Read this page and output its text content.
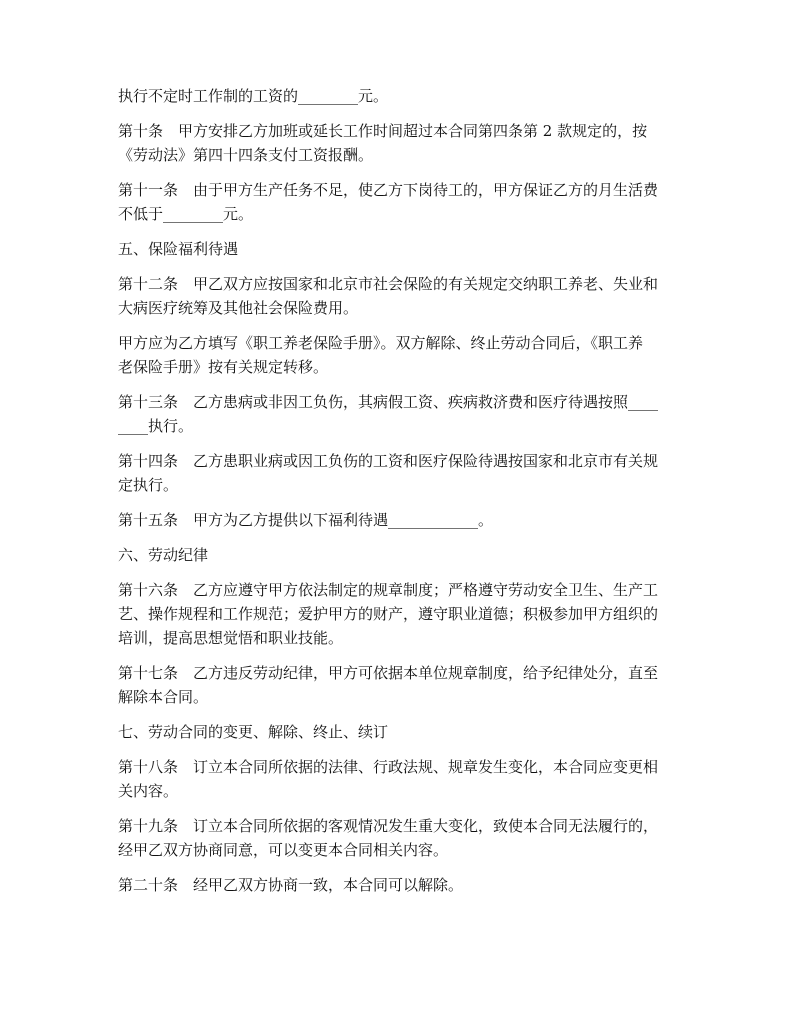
执行不定时工作制的工资的________元。

第十条　甲方安排乙方加班或延长工作时间超过本合同第四条第 2 款规定的，按
《劳动法》第四十四条支付工资报酬。

第十一条　由于甲方生产任务不足，使乙方下岗待工的，甲方保证乙方的月生活费
不低于________元。

五、保险福利待遇

第十二条　甲乙双方应按国家和北京市社会保险的有关规定交纳职工养老、失业和
大病医疗统筹及其他社会保险费用。

甲方应为乙方填写《职工养老保险手册》。双方解除、终止劳动合同后，《职工养
老保险手册》按有关规定转移。

第十三条　乙方患病或非因工负伤，其病假工资、疾病救济费和医疗待遇按照____
____执行。

第十四条　乙方患职业病或因工负伤的工资和医疗保险待遇按国家和北京市有关规
定执行。

第十五条　甲方为乙方提供以下福利待遇____________。

六、劳动纪律

第十六条　乙方应遵守甲方依法制定的规章制度；严格遵守劳动安全卫生、生产工
艺、操作规程和工作规范；爱护甲方的财产，遵守职业道德；积极参加甲方组织的
培训，提高思想觉悟和职业技能。

第十七条　乙方违反劳动纪律，甲方可依据本单位规章制度，给予纪律处分，直至
解除本合同。

七、劳动合同的变更、解除、终止、续订

第十八条　订立本合同所依据的法律、行政法规、规章发生变化，本合同应变更相
关内容。

第十九条　订立本合同所依据的客观情况发生重大变化，致使本合同无法履行的，
经甲乙双方协商同意，可以变更本合同相关内容。

第二十条　经甲乙双方协商一致，本合同可以解除。
